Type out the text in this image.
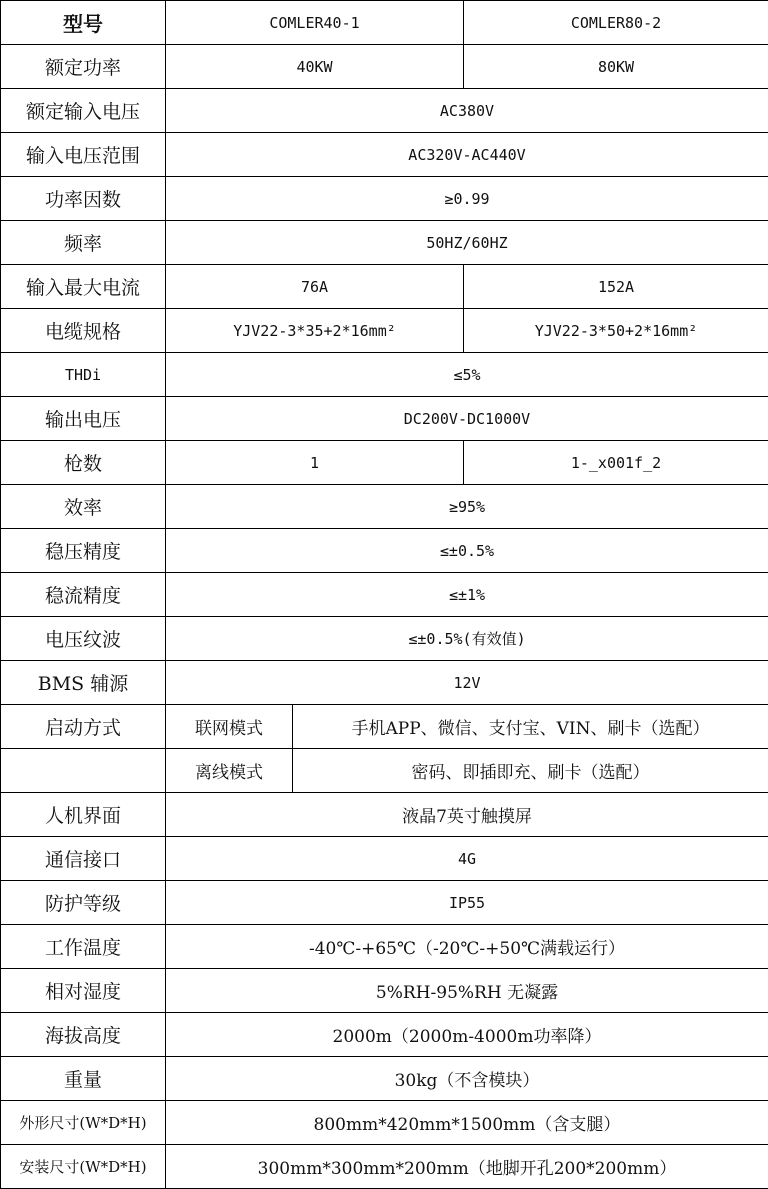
型号	COMLER40-1		COMLER80-2
额定功率	40KW		80KW
额定输入电压	AC380V		
输入电压范围	AC320V-AC440V		
功率因数	≥0.99		
频率	50HZ/60HZ		
输入最大电流	76A		152A
电缆规格	YJV22-3*35+2*16mm²		YJV22-3*50+2*16mm²
THDi	≤5%		
输出电压	DC200V-DC1000V		
枪数	1		1-_x001f_2
效率	≥95%		
稳压精度	≤±0.5%		
稳流精度	≤±1%		
电压纹波	≤±0.5%(有效值)		
BMS 辅源	12V		
启动方式	联网模式	手机APP、微信、支付宝、VIN、刷卡（选配）	
	离线模式	密码、即插即充、刷卡（选配）	
人机界面	液晶7英寸触摸屏		
通信接口	4G		
防护等级	IP55		
工作温度	-40℃-+65℃（-20℃-+50℃满载运行）		
相对湿度	5%RH-95%RH 无凝露		
海拔高度	2000m（2000m-4000m功率降）		
重量	30kg（不含模块）		
外形尺寸(W*D*H)	800mm*420mm*1500mm（含支腿）		
安装尺寸(W*D*H)	300mm*300mm*200mm（地脚开孔200*200mm）		
